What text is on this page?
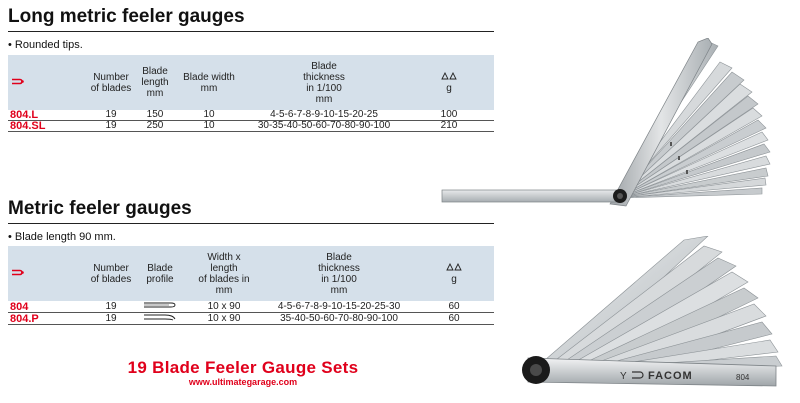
Long metric feeler gauges
• Rounded tips.
	Number
of blades	Blade
length
mm	Blade width
mm	Blade
thickness
in 1/100
mm	g
804.L	19	150	10	4-5-6-7-8-9-10-15-20-25	100
804.SL	19	250	10	30-35-40-50-60-70-80-90-100	210
Metric feeler gauges
• Blade length 90 mm.
	Number
of blades	Blade
profile	Width x
length
of blades in
mm	Blade
thickness
in 1/100
mm	g
804	19		10 x 90	4-5-6-7-8-9-10-15-20-25-30	60
804.P	19		10 x 90	35-40-50-60-70-80-90-100	60
19 Blade Feeler Gauge Sets
www.ultimategarage.com	Y FACOM	804
